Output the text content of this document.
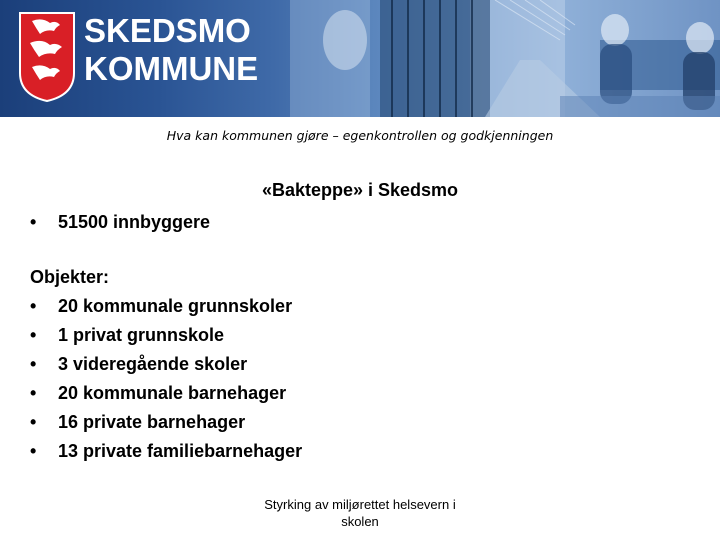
SKEDSMO
KOMMUNE
Hva kan kommunen gjøre – egenkontrollen og godkjenningen
«Bakteppe» i Skedsmo
•	51500 innbyggere
Objekter:
•	20 kommunale grunnskoler
•	1 privat grunnskole
•	3 videregående skoler
•	20 kommunale barnehager
•	16 private barnehager
•	13 private familiebarnehager
Styrking av miljørettet helsevern i
skolen
